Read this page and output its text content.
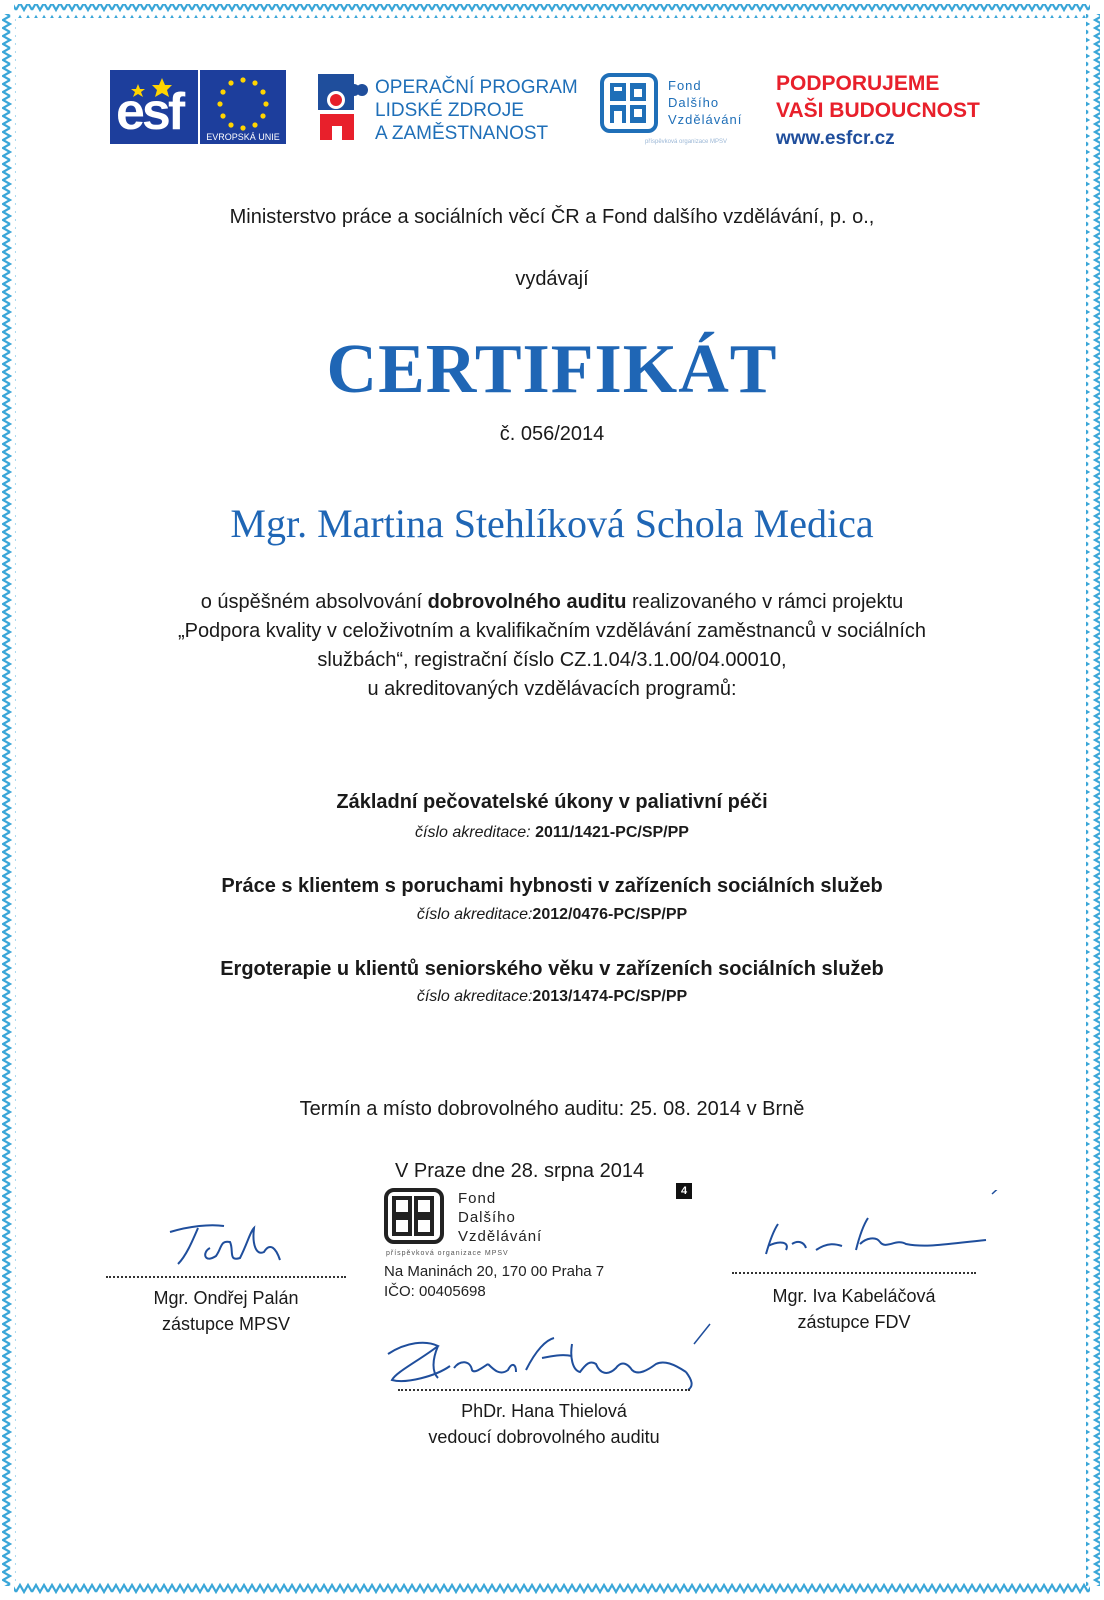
esf	EVROPSKÁ UNIE
OPERAČNÍ PROGRAM
LIDSKÉ ZDROJE
A ZAMĚSTNANOST
Fond
Dalšího
Vzdělávání
příspěvková organizace MPSV
PODPORUJEME
VAŠI BUDOUCNOST
www.esfcr.cz
Ministerstvo práce a sociálních věcí ČR a Fond dalšího vzdělávání, p. o.,
vydávají
CERTIFIKÁT
č. 056/2014
Mgr. Martina Stehlíková Schola Medica
o úspěšném absolvování dobrovolného auditu realizovaného v rámci projektu
„Podpora kvality v celoživotním a kvalifikačním vzdělávání zaměstnanců v sociálních
službách“, registrační číslo CZ.1.04/3.1.00/04.00010,
u akreditovaných vzdělávacích programů:
Základní pečovatelské úkony v paliativní péči
číslo akreditace: 2011/1421-PC/SP/PP
Práce s klientem s poruchami hybnosti v zařízeních sociálních služeb
číslo akreditace:2012/0476-PC/SP/PP
Ergoterapie u klientů seniorského věku v zařízeních sociálních služeb
číslo akreditace:2013/1474-PC/SP/PP
Termín a místo dobrovolného auditu: 25. 08. 2014 v Brně
V Praze dne 28. srpna 2014
Fond
Dalšího
Vzdělávání
příspěvková organizace MPSV
Na Maninách 20, 170 00 Praha 7
IČO: 00405698
4
Mgr. Ondřej Palán
zástupce MPSV
Mgr. Iva Kabeláčová
zástupce FDV
PhDr. Hana Thielová
vedoucí dobrovolného auditu
